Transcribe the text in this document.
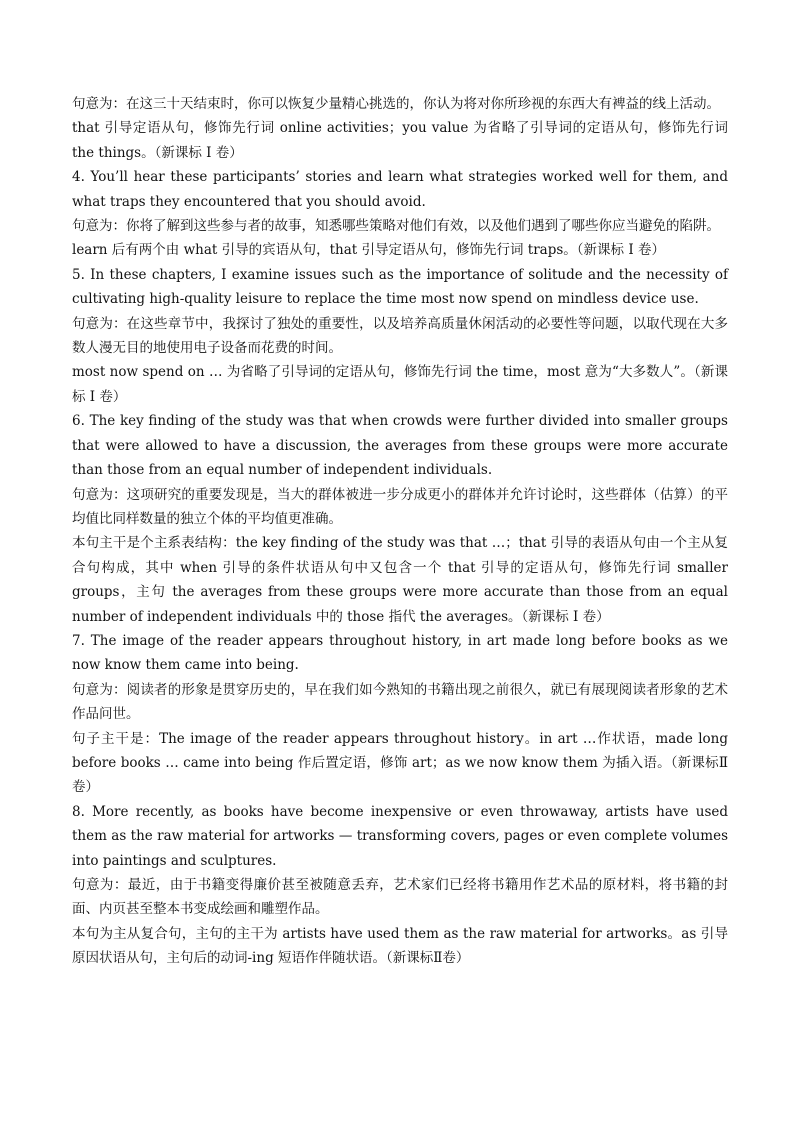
句意为：在这三十天结束时，你可以恢复少量精心挑选的，你认为将对你所珍视的东西大有裨益的线上活动。

that 引导定语从句，修饰先行词 online activities；you value 为省略了引导词的定语从句，修饰先行词 the things。（新课标 I 卷）

4. You’ll hear these participants’ stories and learn what strategies worked well for them, and what traps they encountered that you should avoid.

句意为：你将了解到这些参与者的故事，知悉哪些策略对他们有效，以及他们遇到了哪些你应当避免的陷阱。

learn 后有两个由 what 引导的宾语从句，that 引导定语从句，修饰先行词 traps。（新课标 I 卷）

5. In these chapters, I examine issues such as the importance of solitude and the necessity of cultivating high-quality leisure to replace the time most now spend on mindless device use.

句意为：在这些章节中，我探讨了独处的重要性，以及培养高质量休闲活动的必要性等问题，以取代现在大多数人漫无目的地使用电子设备而花费的时间。

most now spend on … 为省略了引导词的定语从句，修饰先行词 the time，most 意为“大多数人”。（新课标 I 卷）

6. The key finding of the study was that when crowds were further divided into smaller groups that were allowed to have a discussion, the averages from these groups were more accurate than those from an equal number of independent individuals.

句意为：这项研究的重要发现是，当大的群体被进一步分成更小的群体并允许讨论时，这些群体（估算）的平均值比同样数量的独立个体的平均值更准确。

本句主干是个主系表结构：the key finding of the study was that …；that 引导的表语从句由一个主从复合句构成，其中 when 引导的条件状语从句中又包含一个 that 引导的定语从句，修饰先行词 smaller groups，主句 the averages from these groups were more accurate than those from an equal number of independent individuals 中的 those 指代 the averages。（新课标 I 卷）

7. The image of the reader appears throughout history, in art made long before books as we now know them came into being.

句意为：阅读者的形象是贯穿历史的，早在我们如今熟知的书籍出现之前很久，就已有展现阅读者形象的艺术作品问世。

句子主干是：The image of the reader appears throughout history。in art …作状语，made long before books … came into being 作后置定语，修饰 art；as we now know them 为插入语。（新课标Ⅱ卷）

8. More recently, as books have become inexpensive or even throwaway, artists have used them as the raw material for artworks — transforming covers, pages or even complete volumes into paintings and sculptures.

句意为：最近，由于书籍变得廉价甚至被随意丢弃，艺术家们已经将书籍用作艺术品的原材料，将书籍的封面、内页甚至整本书变成绘画和雕塑作品。

本句为主从复合句，主句的主干为 artists have used them as the raw material for artworks。as 引导原因状语从句，主句后的动词-ing 短语作伴随状语。（新课标Ⅱ卷）
